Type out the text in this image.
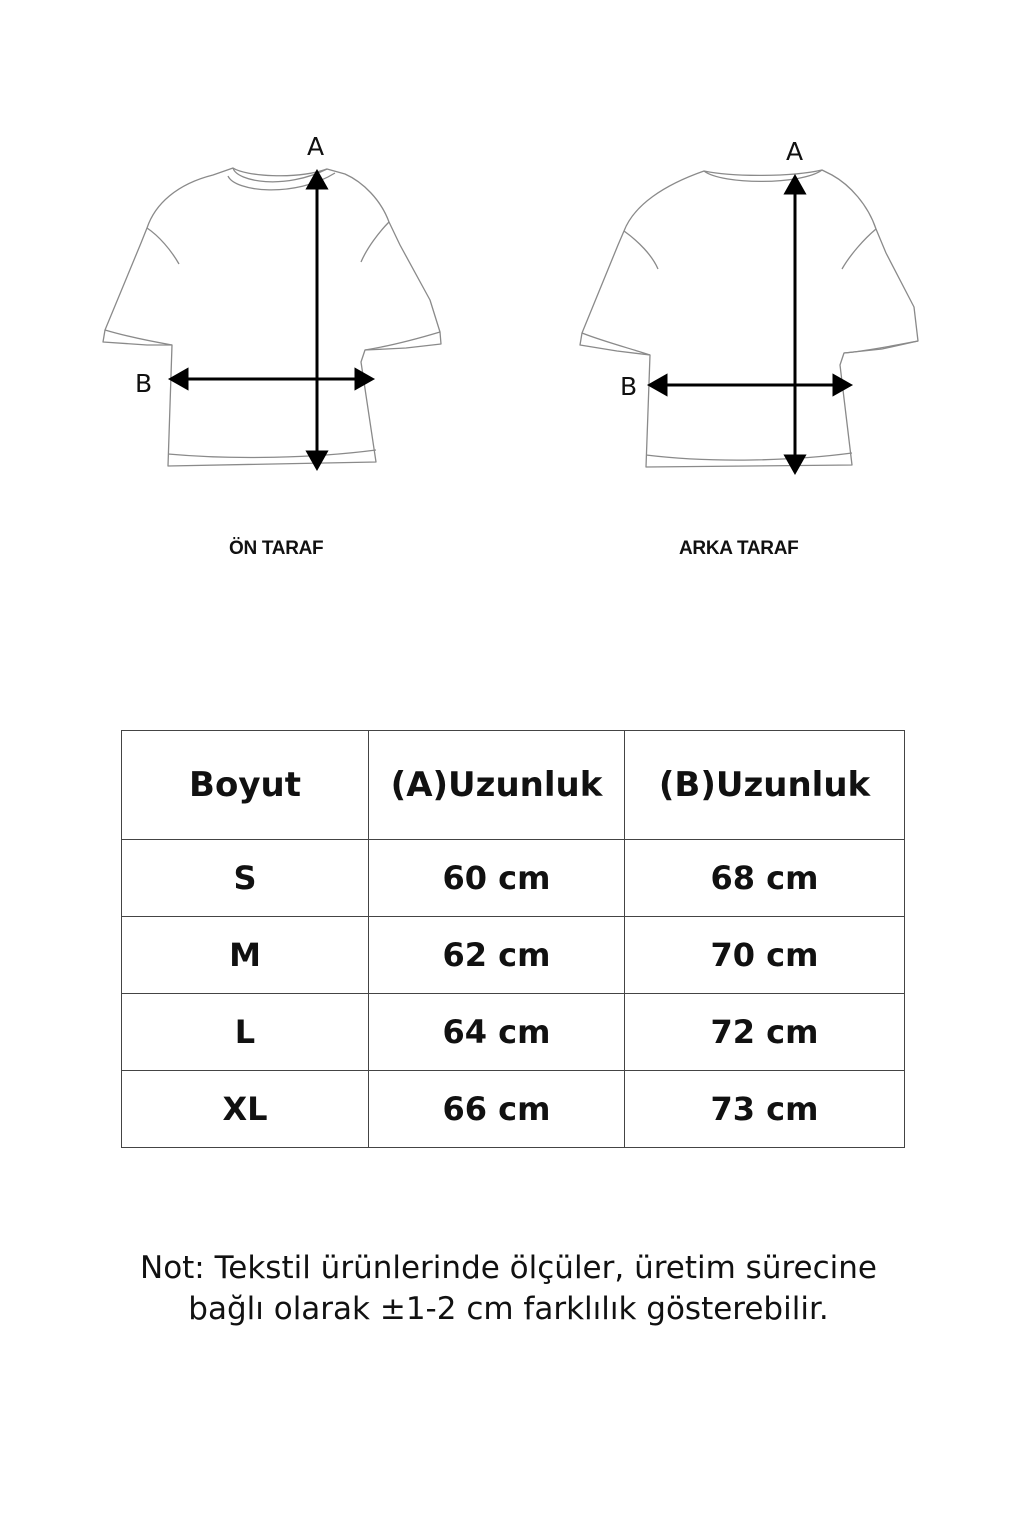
A
B
ÖN TARAF
A
B
ARKA TARAF
Boyut	(A)Uzunluk	(B)Uzunluk
S	60 cm	68 cm
M	62 cm	70 cm
L	64 cm	72 cm
XL	66 cm	73 cm
Not: Tekstil ürünlerinde ölçüler, üretim sürecine
bağlı olarak ±1-2 cm farklılık gösterebilir.
